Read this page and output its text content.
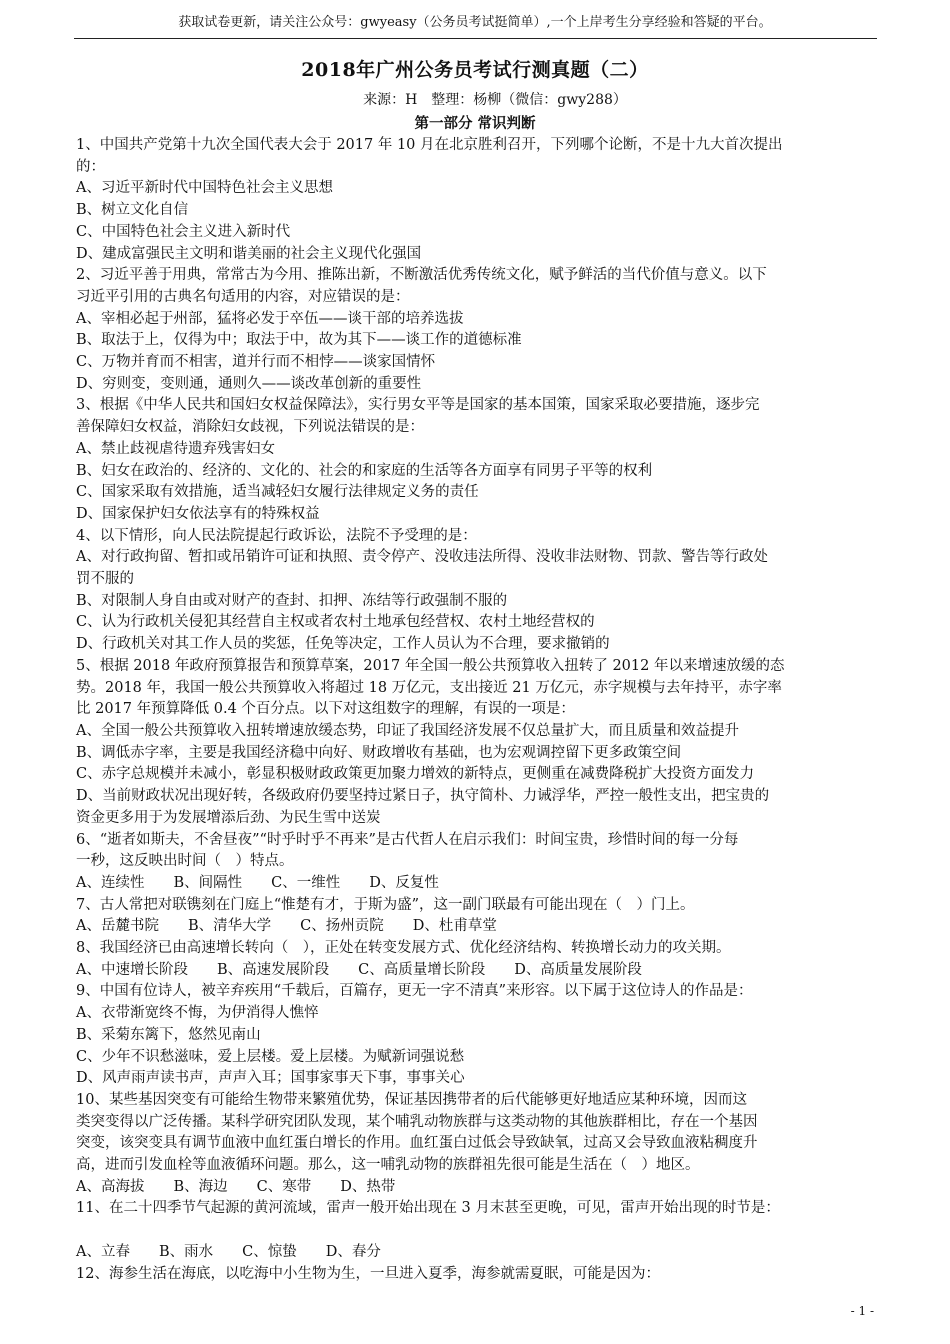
获取试卷更新，请关注公众号：gwyeasy（公务员考试挺简单）,一个上岸考生分享经验和答疑的平台。
2018年广州公务员考试行测真题（二）
来源：H　整理：杨柳（微信：gwy288）
第一部分 常识判断
1、中国共产党第十九次全国代表大会于 2017 年 10 月在北京胜利召开，下列哪个论断，不是十九大首次提出
的：
A、习近平新时代中国特色社会主义思想
B、树立文化自信
C、中国特色社会主义进入新时代
D、建成富强民主文明和谐美丽的社会主义现代化强国
2、习近平善于用典，常常古为今用、推陈出新，不断激活优秀传统文化，赋予鲜活的当代价值与意义。以下
习近平引用的古典名句适用的内容，对应错误的是：
A、宰相必起于州部，猛将必发于卒伍——谈干部的培养选拔
B、取法于上，仅得为中；取法于中，故为其下——谈工作的道德标准
C、万物并育而不相害，道并行而不相悖——谈家国情怀
D、穷则变，变则通，通则久——谈改革创新的重要性
3、根据《中华人民共和国妇女权益保障法》，实行男女平等是国家的基本国策，国家采取必要措施，逐步完
善保障妇女权益，消除妇女歧视，下列说法错误的是：
A、禁止歧视虐待遗弃残害妇女
B、妇女在政治的、经济的、文化的、社会的和家庭的生活等各方面享有同男子平等的权利
C、国家采取有效措施，适当减轻妇女履行法律规定义务的责任
D、国家保护妇女依法享有的特殊权益
4、以下情形，向人民法院提起行政诉讼，法院不予受理的是：
A、对行政拘留、暂扣或吊销许可证和执照、责令停产、没收违法所得、没收非法财物、罚款、警告等行政处
罚不服的
B、对限制人身自由或对财产的查封、扣押、冻结等行政强制不服的
C、认为行政机关侵犯其经营自主权或者农村土地承包经营权、农村土地经营权的
D、行政机关对其工作人员的奖惩，任免等决定，工作人员认为不合理，要求撤销的
5、根据 2018 年政府预算报告和预算草案，2017 年全国一般公共预算收入扭转了 2012 年以来增速放缓的态
势。2018 年，我国一般公共预算收入将超过 18 万亿元，支出接近 21 万亿元，赤字规模与去年持平，赤字率
比 2017 年预算降低 0.4 个百分点。以下对这组数字的理解，有误的一项是：
A、全国一般公共预算收入扭转增速放缓态势，印证了我国经济发展不仅总量扩大，而且质量和效益提升
B、调低赤字率，主要是我国经济稳中向好、财政增收有基础，也为宏观调控留下更多政策空间
C、赤字总规模并未减小，彰显积极财政政策更加聚力增效的新特点，更侧重在减费降税扩大投资方面发力
D、当前财政状况出现好转，各级政府仍要坚持过紧日子，执守简朴、力诫浮华，严控一般性支出，把宝贵的
资金更多用于为发展增添后劲、为民生雪中送炭
6、“逝者如斯夫，不舍昼夜”“时乎时乎不再来”是古代哲人在启示我们：时间宝贵，珍惜时间的每一分每
一秒，这反映出时间（　）特点。
A、连续性　　B、间隔性　　C、一维性　　D、反复性
7、古人常把对联镌刻在门庭上“惟楚有才，于斯为盛”，这一副门联最有可能出现在（　）门上。
A、岳麓书院　　B、清华大学　　C、扬州贡院　　D、杜甫草堂
8、我国经济已由高速增长转向（　），正处在转变发展方式、优化经济结构、转换增长动力的攻关期。
A、中速增长阶段　　B、高速发展阶段　　C、高质量增长阶段　　D、高质量发展阶段
9、中国有位诗人，被辛弃疾用“千载后，百篇存，更无一字不清真”来形容。以下属于这位诗人的作品是：
A、衣带渐宽终不悔，为伊消得人憔悴
B、采菊东篱下，悠然见南山
C、少年不识愁滋味，爱上层楼。爱上层楼。为赋新词强说愁
D、风声雨声读书声，声声入耳；国事家事天下事，事事关心
10、某些基因突变有可能给生物带来繁殖优势，保证基因携带者的后代能够更好地适应某种环境，因而这
类突变得以广泛传播。某科学研究团队发现，某个哺乳动物族群与这类动物的其他族群相比，存在一个基因
突变，该突变具有调节血液中血红蛋白增长的作用。血红蛋白过低会导致缺氧，过高又会导致血液粘稠度升
高，进而引发血栓等血液循环问题。那么，这一哺乳动物的族群祖先很可能是生活在（　）地区。
A、高海拔　　B、海边　　C、寒带　　D、热带
11、在二十四季节气起源的黄河流域，雷声一般开始出现在 3 月末甚至更晚，可见，雷声开始出现的时节是：

A、立春　　B、雨水　　C、惊蛰　　D、春分
12、海参生活在海底，以吃海中小生物为生，一旦进入夏季，海参就需夏眠，可能是因为：
- 1 -
